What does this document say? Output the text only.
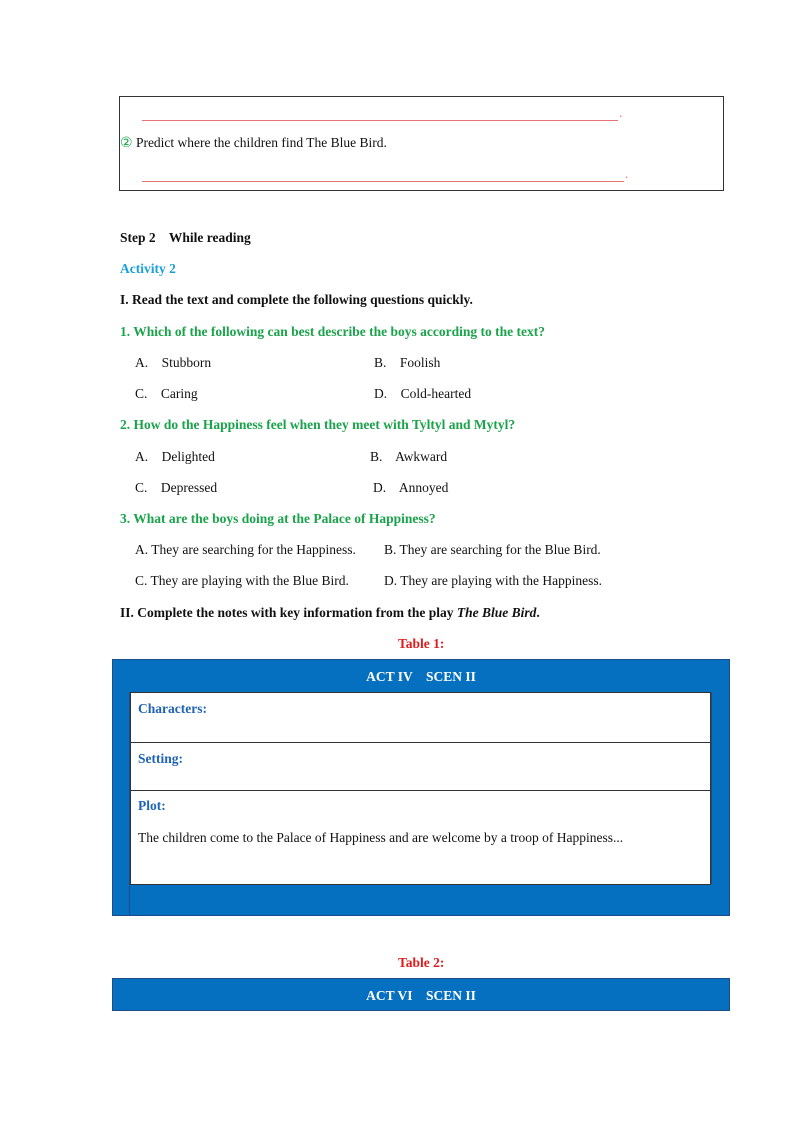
.
② Predict where the children find The Blue Bird.
.
Step 2    While reading
Activity 2
I. Read the text and complete the following questions quickly.
1. Which of the following can best describe the boys according to the text?
A.    Stubborn	B.    Foolish
C.    Caring	D.    Cold-hearted
2. How do the Happiness feel when they meet with Tyltyl and Mytyl?
A.    Delighted	B.    Awkward
C.    Depressed	D.    Annoyed
3. What are the boys doing at the Palace of Happiness?
A. They are searching for the Happiness. B. They are searching for the Blue Bird.
C. They are playing with the Blue Bird.	D. They are playing with the Happiness.
II. Complete the notes with key information from the play The Blue Bird.
Table 1:
ACT IV    SCEN II
Characters:
Setting:
Plot:
The children come to the Palace of Happiness and are welcome by a troop of Happiness...
Table 2:
ACT VI    SCEN II
